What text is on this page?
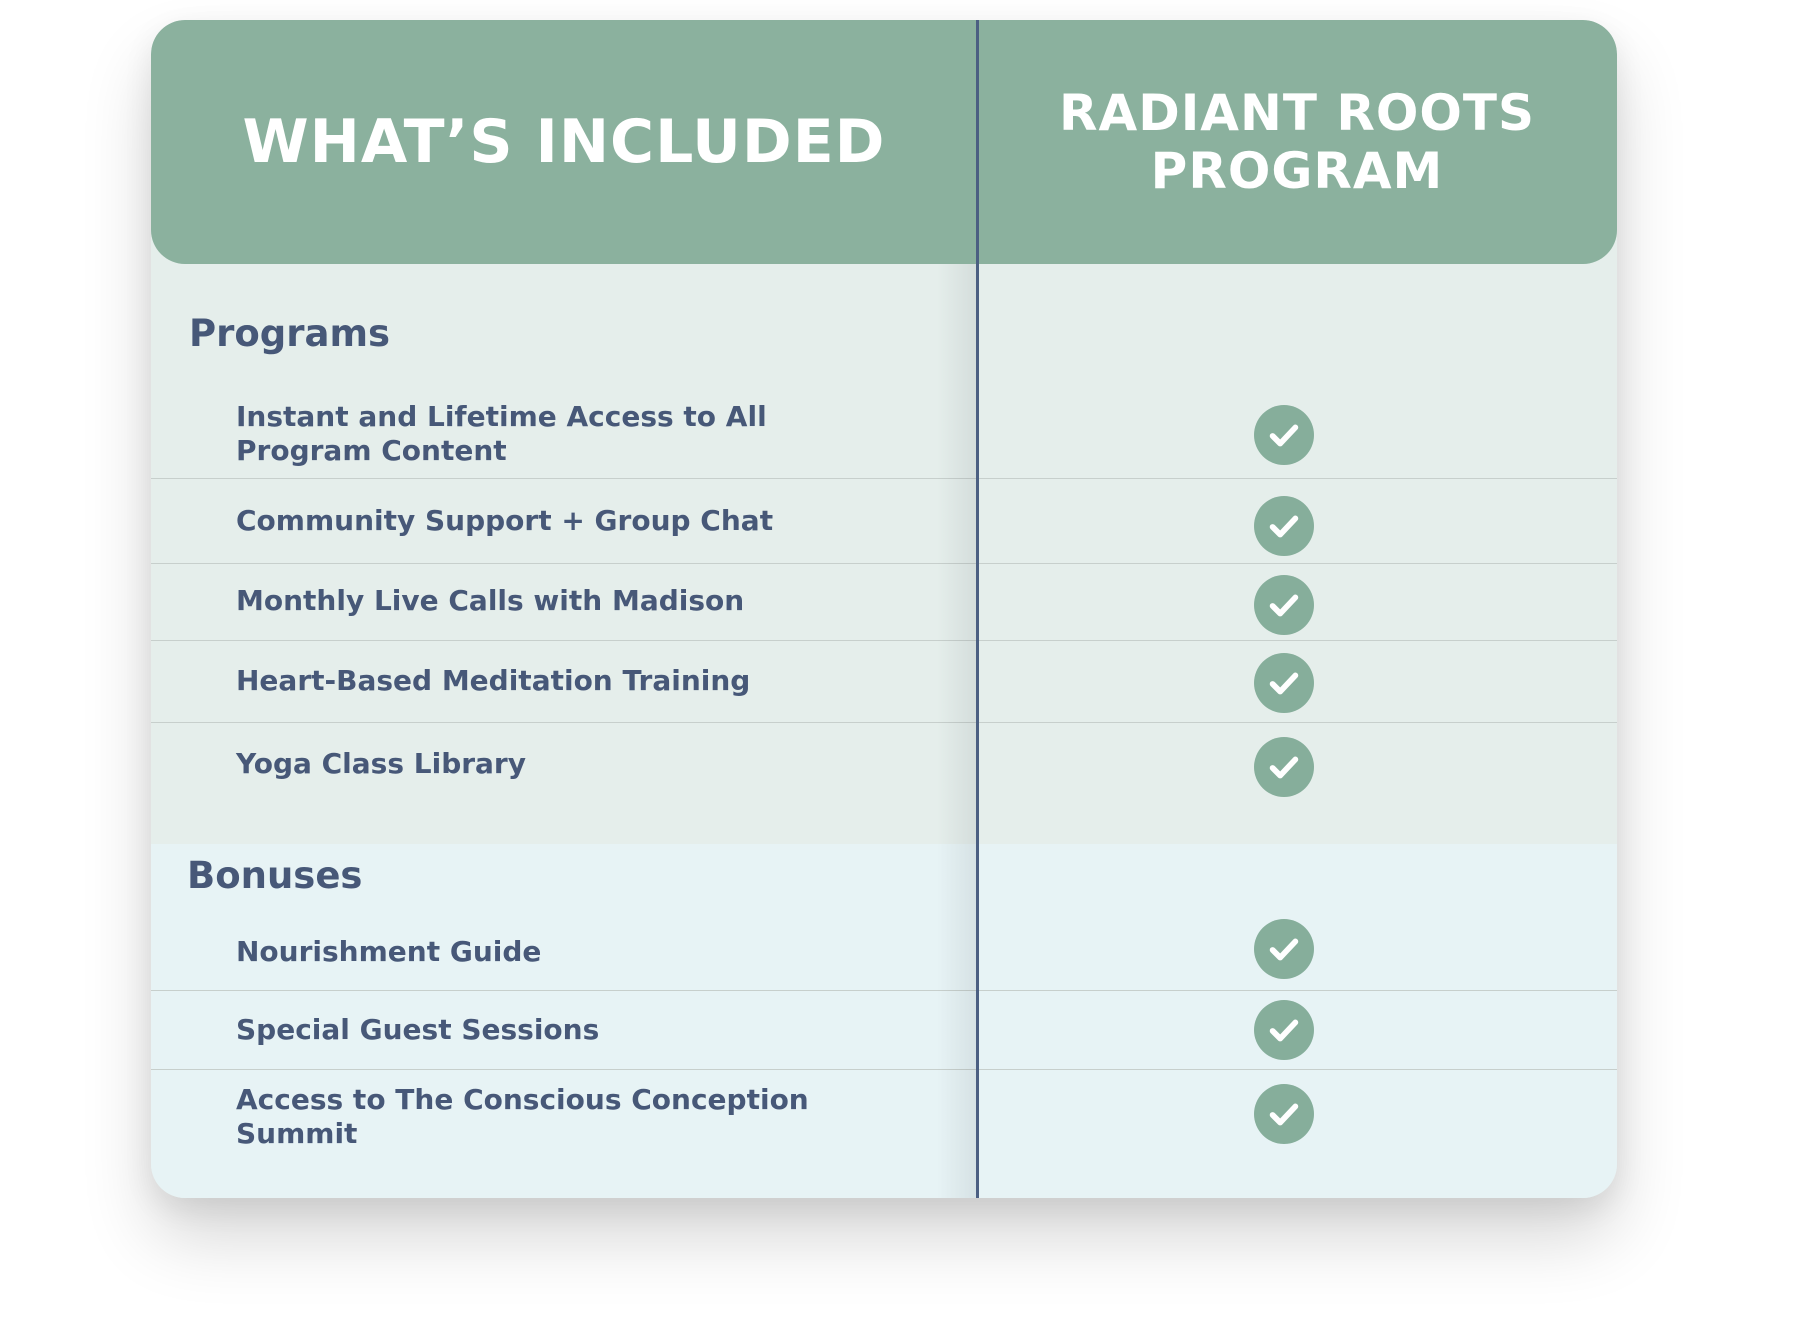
WHAT’S INCLUDED	RADIANT ROOTS
PROGRAM
Programs
Instant and Lifetime Access to All
Program Content
Community Support + Group Chat
Monthly Live Calls with Madison
Heart-Based Meditation Training
Yoga Class Library
Bonuses
Nourishment Guide
Special Guest Sessions
Access to The Conscious Conception Summit
